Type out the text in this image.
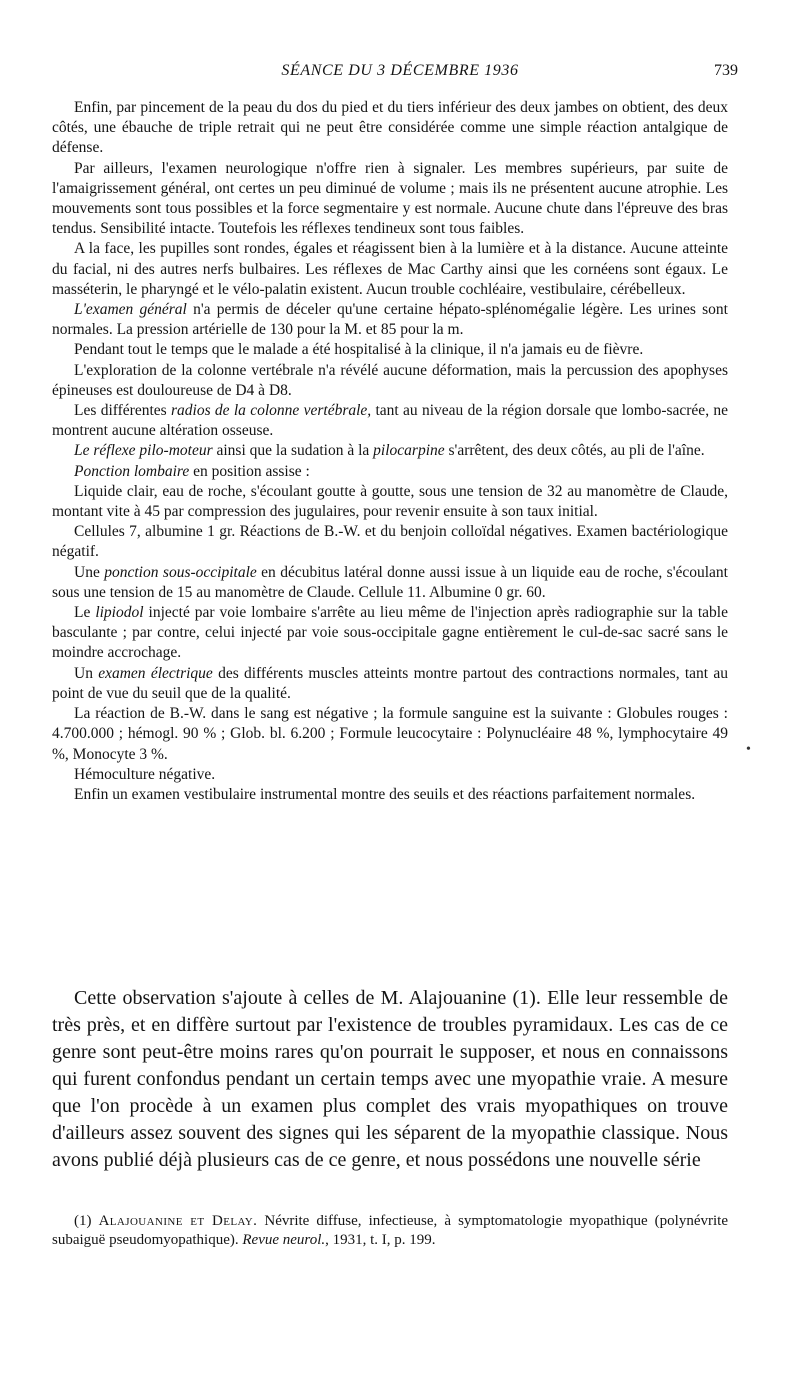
SÉANCE DU 3 DÉCEMBRE 1936	739

Enfin, par pincement de la peau du dos du pied et du tiers inférieur des deux jambes on obtient, des deux côtés, une ébauche de triple retrait qui ne peut être considérée comme une simple réaction antalgique de défense.

Par ailleurs, l'examen neurologique n'offre rien à signaler. Les membres supérieurs, par suite de l'amaigrissement général, ont certes un peu diminué de volume ; mais ils ne présentent aucune atrophie. Les mouvements sont tous possibles et la force segmentaire y est normale. Aucune chute dans l'épreuve des bras tendus. Sensibilité intacte. Toutefois les réflexes tendineux sont tous faibles.

A la face, les pupilles sont rondes, égales et réagissent bien à la lumière et à la distance. Aucune atteinte du facial, ni des autres nerfs bulbaires. Les réflexes de Mac Carthy ainsi que les cornéens sont égaux. Le masséterin, le pharyngé et le vélo-palatin existent. Aucun trouble cochléaire, vestibulaire, cérébelleux.

L'examen général n'a permis de déceler qu'une certaine hépato-splénomégalie légère. Les urines sont normales. La pression artérielle de 130 pour la M. et 85 pour la m.

Pendant tout le temps que le malade a été hospitalisé à la clinique, il n'a jamais eu de fièvre.

L'exploration de la colonne vertébrale n'a révélé aucune déformation, mais la percussion des apophyses épineuses est douloureuse de D4 à D8.

Les différentes radios de la colonne vertébrale, tant au niveau de la région dorsale que lombo-sacrée, ne montrent aucune altération osseuse.

Le réflexe pilo-moteur ainsi que la sudation à la pilocarpine s'arrêtent, des deux côtés, au pli de l'aîne.

Ponction lombaire en position assise :

Liquide clair, eau de roche, s'écoulant goutte à goutte, sous une tension de 32 au manomètre de Claude, montant vite à 45 par compression des jugulaires, pour revenir ensuite à son taux initial.

Cellules 7, albumine 1 gr. Réactions de B.-W. et du benjoin colloïdal négatives. Examen bactériologique négatif.

Une ponction sous-occipitale en décubitus latéral donne aussi issue à un liquide eau de roche, s'écoulant sous une tension de 15 au manomètre de Claude. Cellule 11. Albumine 0 gr. 60.

Le lipiodol injecté par voie lombaire s'arrête au lieu même de l'injection après radiographie sur la table basculante ; par contre, celui injecté par voie sous-occipitale gagne entièrement le cul-de-sac sacré sans le moindre accrochage.

Un examen électrique des différents muscles atteints montre partout des contractions normales, tant au point de vue du seuil que de la qualité.

La réaction de B.-W. dans le sang est négative ; la formule sanguine est la suivante : Globules rouges : 4.700.000 ; hémogl. 90 % ; Glob. bl. 6.200 ; Formule leucocytaire : Polynucléaire 48 %, lymphocytaire 49 %, Monocyte 3 %.

Hémoculture négative.

Enfin un examen vestibulaire instrumental montre des seuils et des réactions parfaitement normales.

•

Cette observation s'ajoute à celles de M. Alajouanine (1). Elle leur ressemble de très près, et en diffère surtout par l'existence de troubles pyramidaux. Les cas de ce genre sont peut-être moins rares qu'on pourrait le supposer, et nous en connaissons qui furent confondus pendant un certain temps avec une myopathie vraie. A mesure que l'on procède à un examen plus complet des vrais myopathiques on trouve d'ailleurs assez souvent des signes qui les séparent de la myopathie classique. Nous avons publié déjà plusieurs cas de ce genre, et nous possédons une nouvelle série

(1) Alajouanine et Delay. Névrite diffuse, infectieuse, à symptomatologie myopathique (polynévrite subaiguë pseudomyopathique). Revue neurol., 1931, t. I, p. 199.
